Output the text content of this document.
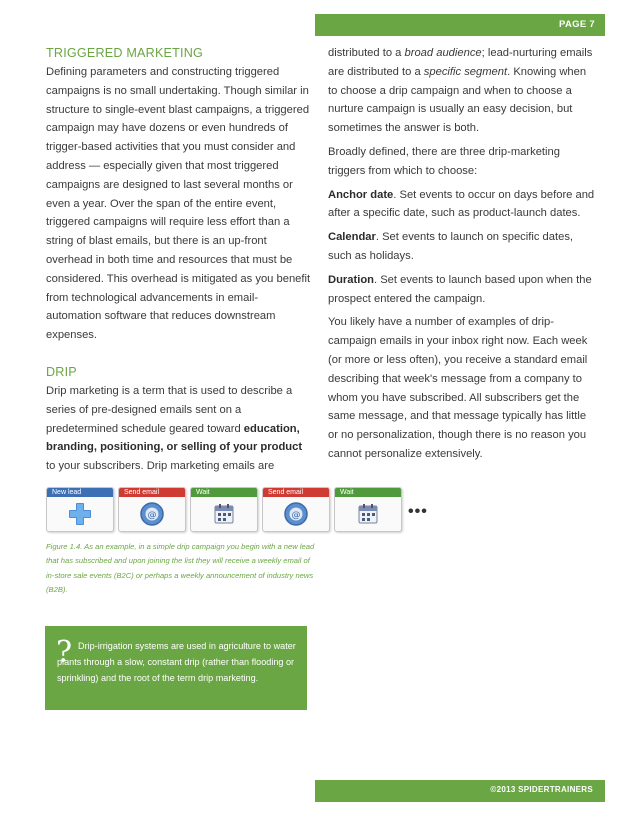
PAGE 7
TRIGGERED MARKETING
Defining parameters and constructing triggered campaigns is no small undertaking. Though similar in structure to single-event blast campaigns, a triggered campaign may have dozens or even hundreds of trigger-based activities that you must consider and address — especially given that most triggered campaigns are designed to last several months or even a year. Over the span of the entire event, triggered campaigns will require less effort than a string of blast emails, but there is an up-front overhead in both time and resources that must be considered. This overhead is mitigated as you benefit from technological advancements in email-automation software that reduces downstream expenses.
DRIP
Drip marketing is a term that is used to describe a series of pre-designed emails sent on a predetermined schedule geared toward education, branding, positioning, or selling of your product to your subscribers. Drip marketing emails are
distributed to a broad audience; lead-nurturing emails are distributed to a specific segment. Knowing when to choose a drip campaign and when to choose a nurture campaign is usually an easy decision, but sometimes the answer is both.
Broadly defined, there are three drip-marketing triggers from which to choose:
Anchor date. Set events to occur on days before and after a specific date, such as product-launch dates.
Calendar. Set events to launch on specific dates, such as holidays.
Duration. Set events to launch based upon when the prospect entered the campaign.
You likely have a number of examples of drip-campaign emails in your inbox right now. Each week (or more or less often), you receive a standard email describing that week's message from a company to whom you have subscribed. All subscribers get the same message, and that message typically has little or no personalization, though there is no reason you cannot personalize extensively.
New lead	Send email
@
Wait	Send email
@
Wait
•••
Figure 1.4. As an example, in a simple drip campaign you begin with a new lead that has subscribed and upon joining the list they will receive a weekly email of in-store sale events (B2C) or perhaps a weekly announcement of industry news (B2B).
? Drip-irrigation systems are used in agriculture to water plants through a slow, constant drip (rather than flooding or sprinkling) and the root of the term drip marketing.
©2013 SPIDERTRAINERS
